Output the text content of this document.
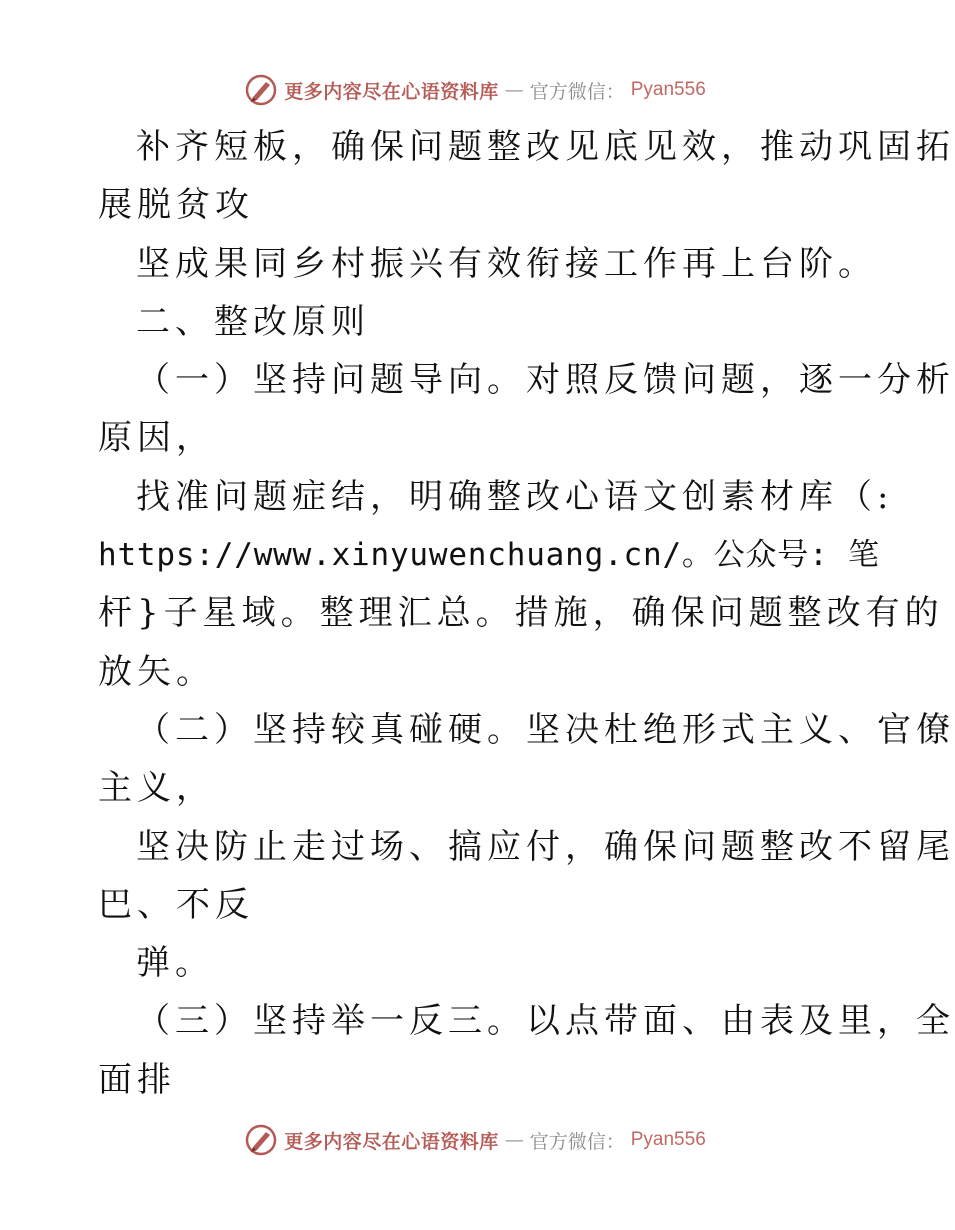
更多内容尽在心语资料库 — 官方微信： Pyan556
补齐短板，确保问题整改见底见效，推动巩固拓
展脱贫攻
坚成果同乡村振兴有效衔接工作再上台阶。
二、整改原则
（一）坚持问题导向。对照反馈问题，逐一分析
原因，
找准问题症结，明确整改心语文创素材库（:
https://www.xinyuwenchuang.cn/。公众号: 笔
杆}子星域。整理汇总。措施，确保问题整改有的
放矢。
（二）坚持较真碰硬。坚决杜绝形式主义、官僚
主义，
坚决防止走过场、搞应付，确保问题整改不留尾
巴、不反
弹。
（三）坚持举一反三。以点带面、由表及里，全
面排
更多内容尽在心语资料库 — 官方微信： Pyan556
